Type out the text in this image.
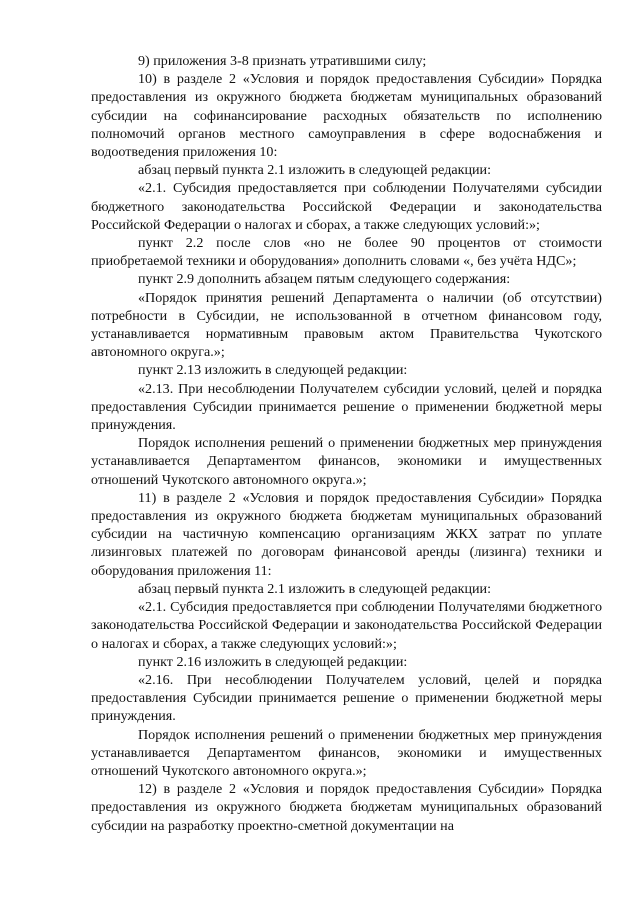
9) приложения 3-8 признать утратившими силу;

10) в разделе 2 «Условия и порядок предоставления Субсидии» Порядка предоставления из окружного бюджета бюджетам муниципальных образований субсидии на софинансирование расходных обязательств по исполнению полномочий органов местного самоуправления в сфере водоснабжения и водоотведения приложения 10:

абзац первый пункта 2.1 изложить в следующей редакции:

«2.1. Субсидия предоставляется при соблюдении Получателями субсидии бюджетного законодательства Российской Федерации и законодательства Российской Федерации о налогах и сборах, а также следующих условий:»;

пункт 2.2 после слов «но не более 90 процентов от стоимости приобретаемой техники и оборудования» дополнить словами «, без учёта НДС»;

пункт 2.9 дополнить абзацем пятым следующего содержания:

«Порядок принятия решений Департамента о наличии (об отсутствии) потребности в Субсидии, не использованной в отчетном финансовом году, устанавливается нормативным правовым актом Правительства Чукотского автономного округа.»;

пункт 2.13 изложить в следующей редакции:

«2.13. При несоблюдении Получателем субсидии условий, целей и порядка предоставления Субсидии принимается решение о применении бюджетной меры принуждения.

Порядок исполнения решений о применении бюджетных мер принуждения устанавливается Департаментом финансов, экономики и имущественных отношений Чукотского автономного округа.»;

11) в разделе 2 «Условия и порядок предоставления Субсидии» Порядка предоставления из окружного бюджета бюджетам муниципальных образований субсидии на частичную компенсацию организациям ЖКХ затрат по уплате лизинговых платежей по договорам финансовой аренды (лизинга) техники и оборудования приложения 11:

абзац первый пункта 2.1 изложить в следующей редакции:

«2.1. Субсидия предоставляется при соблюдении Получателями бюджетного законодательства Российской Федерации и законодательства Российской Федерации о налогах и сборах, а также следующих условий:»;

пункт 2.16 изложить в следующей редакции:

«2.16. При несоблюдении Получателем условий, целей и порядка предоставления Субсидии принимается решение о применении бюджетной меры принуждения.

Порядок исполнения решений о применении бюджетных мер принуждения устанавливается Департаментом финансов, экономики и имущественных отношений Чукотского автономного округа.»;

12) в разделе 2 «Условия и порядок предоставления Субсидии» Порядка предоставления из окружного бюджета бюджетам муниципальных образований субсидии на разработку проектно-сметной документации на
